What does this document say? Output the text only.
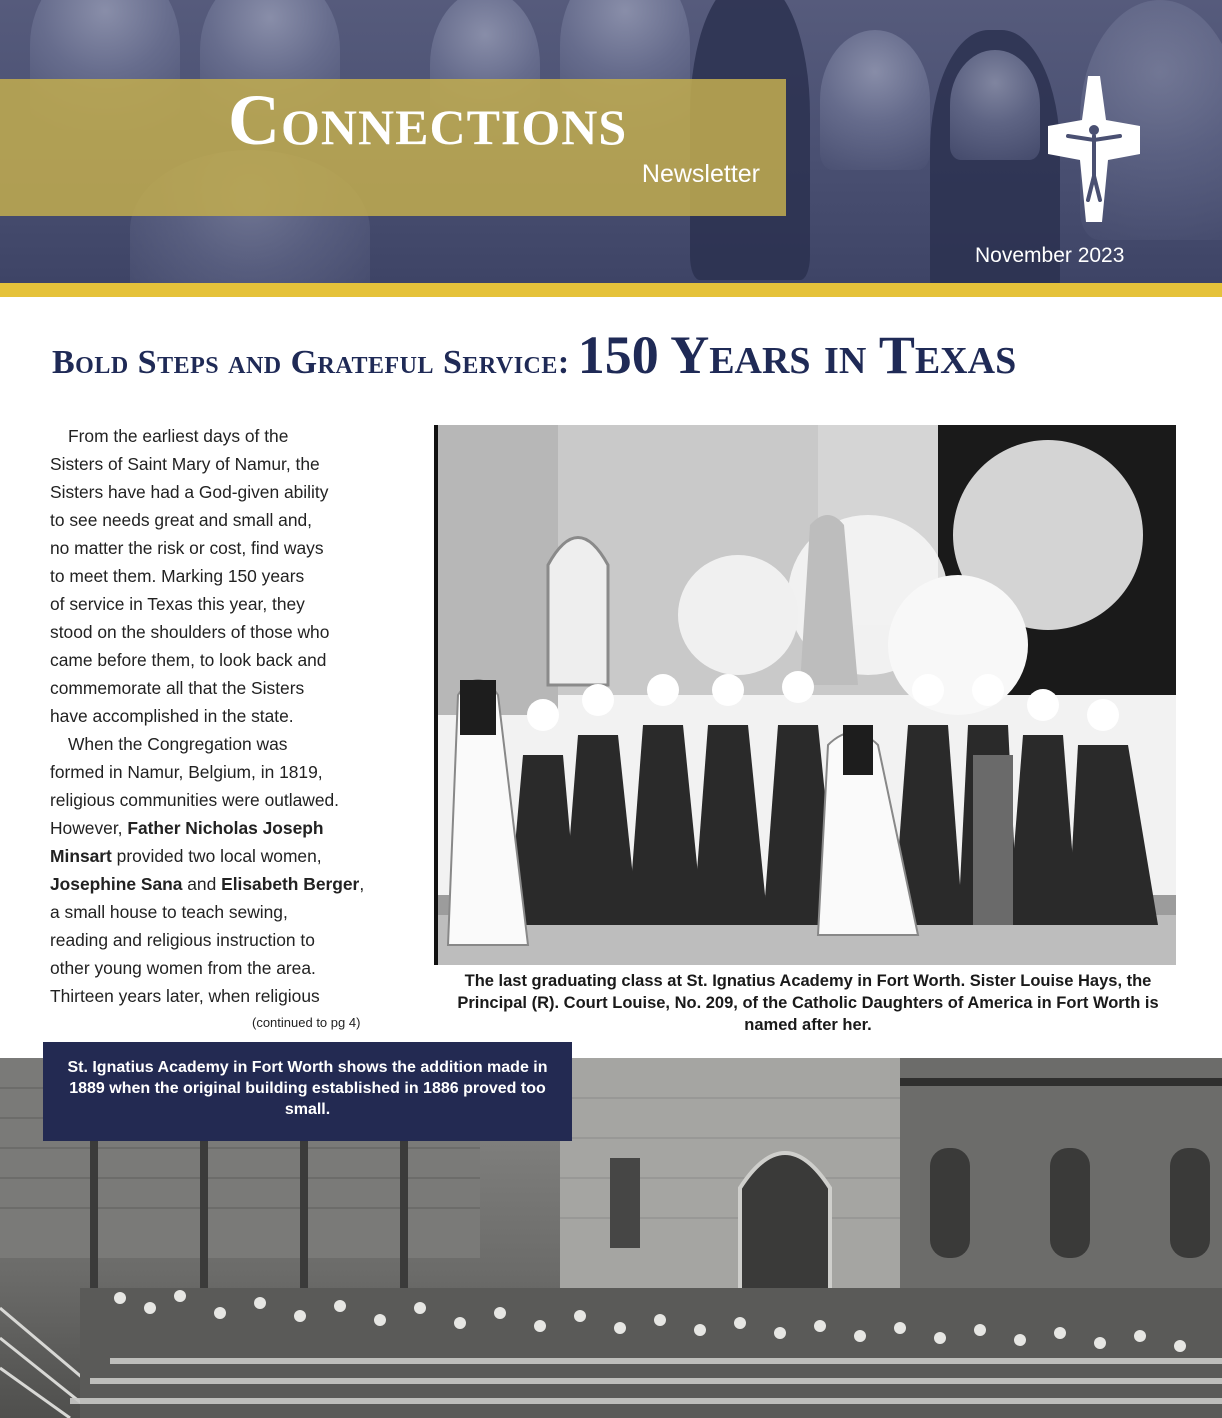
Connections
Newsletter
November 2023
Bold Steps and Grateful Service: 150 Years in Texas
From the earliest days of the
Sisters of Saint Mary of Namur, the
Sisters have had a God-given ability
to see needs great and small and,
no matter the risk or cost, find ways
to meet them. Marking 150 years
of service in Texas this year, they
stood on the shoulders of those who
came before them, to look back and
commemorate all that the Sisters
have accomplished in the state.
When the Congregation was
formed in Namur, Belgium, in 1819,
religious communities were outlawed.
However, Father Nicholas Joseph
Minsart provided two local women,
Josephine Sana and Elisabeth Berger,
a small house to teach sewing,
reading and religious instruction to
other young women from the area.
Thirteen years later, when religious
(continued to pg 4)
The last graduating class at St. Ignatius Academy in Fort Worth. Sister Louise Hays, the Principal (R). Court Louise, No. 209, of the Catholic Daughters of America in Fort Worth is named after her.
St. Ignatius Academy in Fort Worth shows the addition made in 1889 when the original building established in 1886 proved too small.
